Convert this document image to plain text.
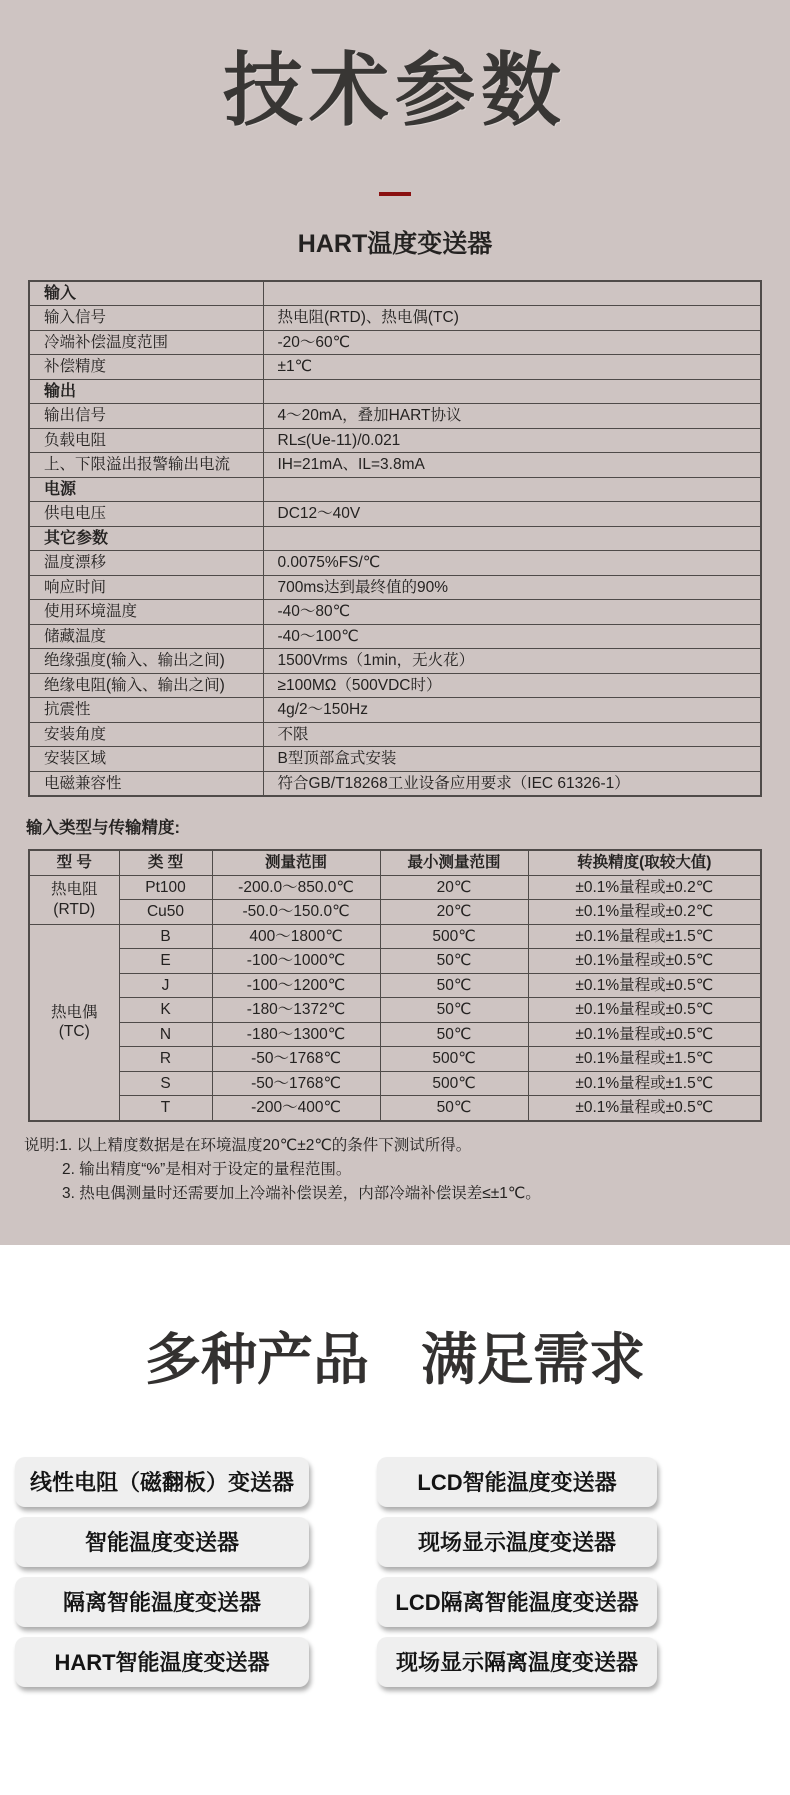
技术参数
HART温度变送器
输入	
输入信号	热电阻(RTD)、热电偶(TC)
冷端补偿温度范围	-20～60℃
补偿精度	±1℃
输出	
输出信号	4～20mA，叠加HART协议
负载电阻	RL≤(Ue-11)/0.021
上、下限溢出报警输出电流	IH=21mA、IL=3.8mA
电源	
供电电压	DC12～40V
其它参数	
温度漂移	0.0075%FS/℃
响应时间	700ms达到最终值的90%
使用环境温度	-40～80℃
储藏温度	-40～100℃
绝缘强度(输入、输出之间)	1500Vrms（1min，无火花）
绝缘电阻(输入、输出之间)	≥100MΩ（500VDC时）
抗震性	4g/2～150Hz
安装角度	不限
安装区域	B型顶部盒式安装
电磁兼容性	符合GB/T18268工业设备应用要求（IEC 61326-1）
输入类型与传输精度:
型 号	类 型	测量范围	最小测量范围	转换精度(取较大值)

热电阻
(RTD)	Pt100	-200.0～850.0℃	20℃	±0.1%量程或±0.2℃
	Cu50	-50.0～150.0℃	20℃	±0.1%量程或±0.2℃

热电偶
(TC)	B	400～1800℃	500℃	±0.1%量程或±1.5℃
	E	-100～1000℃	50℃	±0.1%量程或±0.5℃
	J	-100～1200℃	50℃	±0.1%量程或±0.5℃
	K	-180～1372℃	50℃	±0.1%量程或±0.5℃
	N	-180～1300℃	50℃	±0.1%量程或±0.5℃
	R	-50～1768℃	500℃	±0.1%量程或±1.5℃
	S	-50～1768℃	500℃	±0.1%量程或±1.5℃
	T	-200～400℃	50℃	±0.1%量程或±0.5℃
说明:1. 以上精度数据是在环境温度20℃±2℃的条件下测试所得。
2. 输出精度“%”是相对于设定的量程范围。
3. 热电偶测量时还需要加上冷端补偿误差，内部冷端补偿误差≤±1℃。
多种产品 满足需求
线性电阻（磁翻板）变送器	LCD智能温度变送器
智能温度变送器	现场显示温度变送器
隔离智能温度变送器	LCD隔离智能温度变送器
HART智能温度变送器	现场显示隔离温度变送器
